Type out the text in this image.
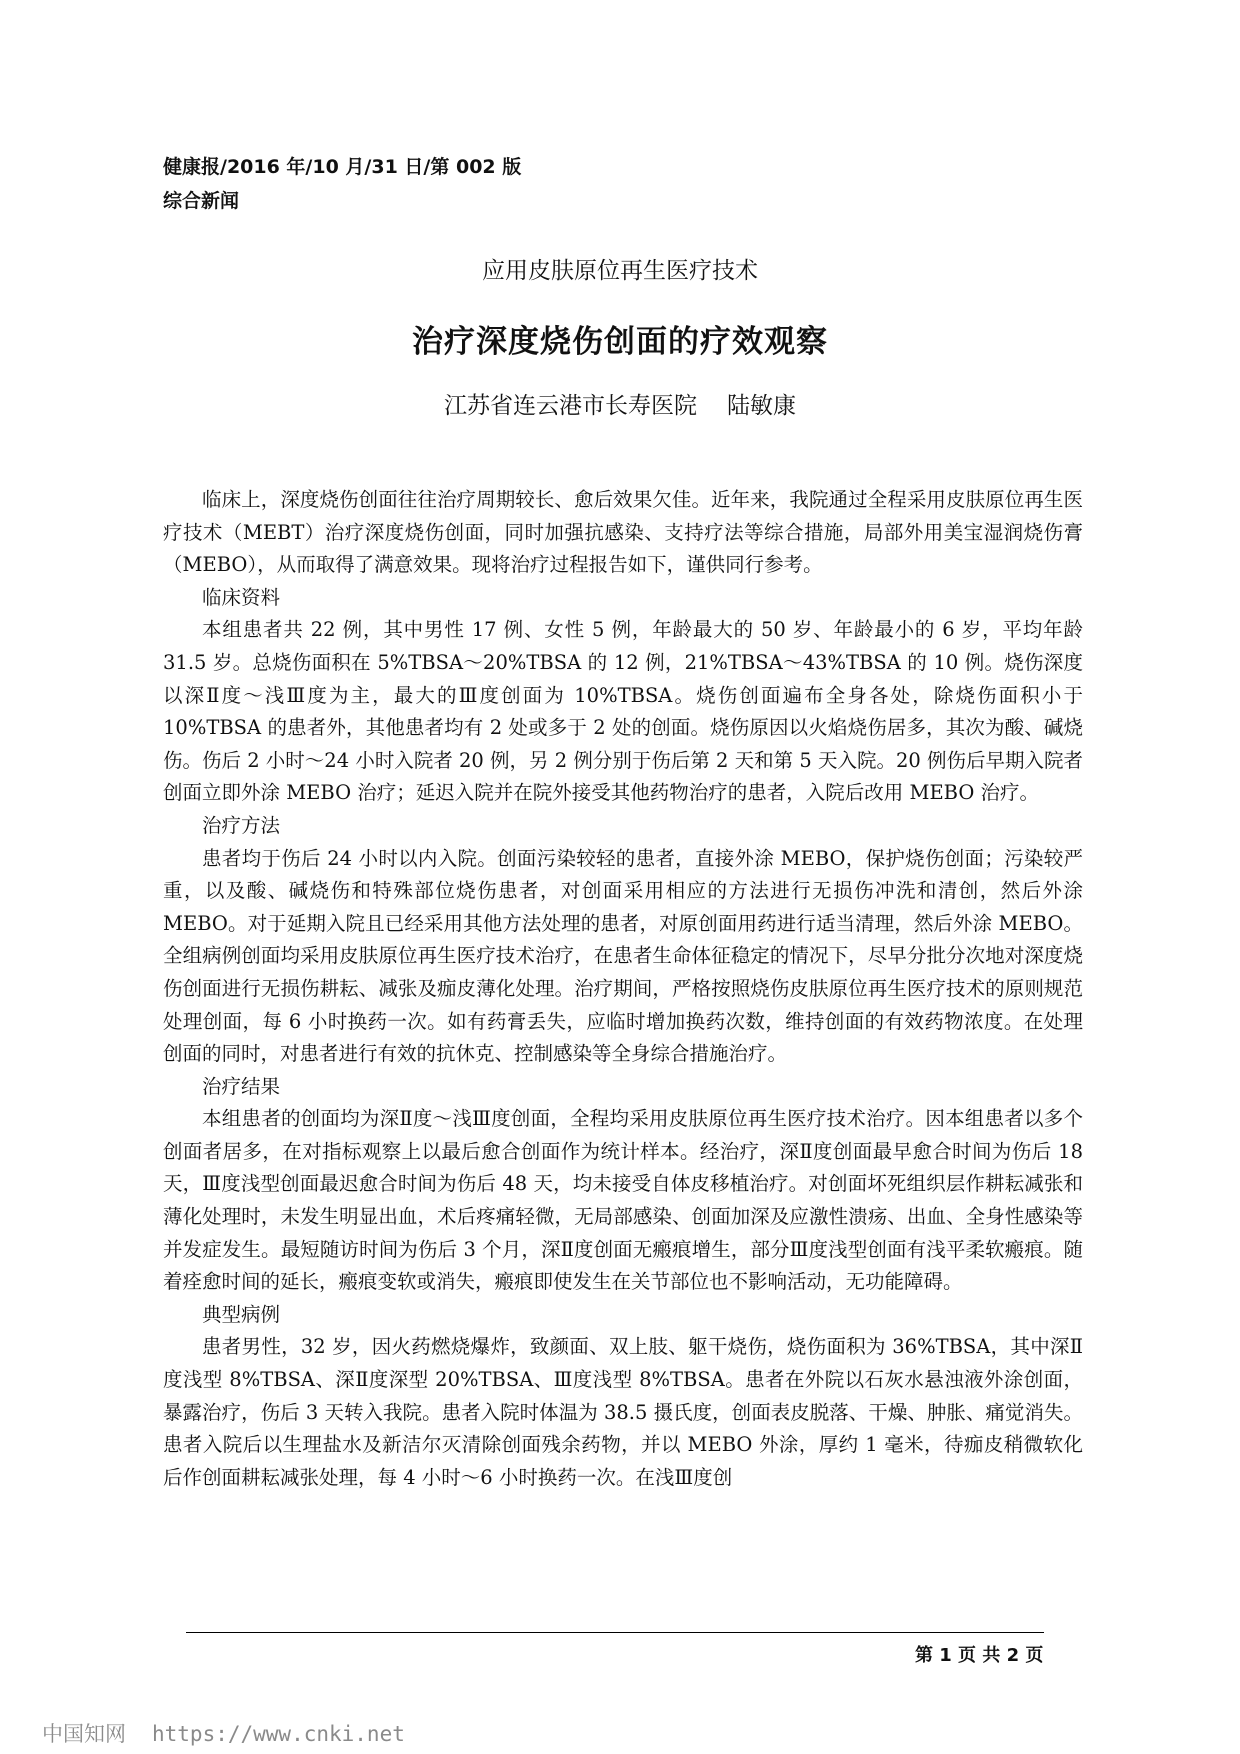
健康报/2016 年/10 月/31 日/第 002 版
综合新闻
应用皮肤原位再生医疗技术
治疗深度烧伤创面的疗效观察
江苏省连云港市长寿医院 陆敏康

临床上，深度烧伤创面往往治疗周期较长、愈后效果欠佳。近年来，我院通过全程采用皮肤原位再生医疗技术（MEBT）治疗深度烧伤创面，同时加强抗感染、支持疗法等综合措施，局部外用美宝湿润烧伤膏（MEBO），从而取得了满意效果。现将治疗过程报告如下，谨供同行参考。

临床资料

本组患者共 22 例，其中男性 17 例、女性 5 例，年龄最大的 50 岁、年龄最小的 6 岁，平均年龄 31.5 岁。总烧伤面积在 5%TBSA～20%TBSA 的 12 例，21%TBSA～43%TBSA 的 10 例。烧伤深度以深Ⅱ度～浅Ⅲ度为主，最大的Ⅲ度创面为 10%TBSA。烧伤创面遍布全身各处，除烧伤面积小于 10%TBSA 的患者外，其他患者均有 2 处或多于 2 处的创面。烧伤原因以火焰烧伤居多，其次为酸、碱烧伤。伤后 2 小时～24 小时入院者 20 例，另 2 例分别于伤后第 2 天和第 5 天入院。20 例伤后早期入院者创面立即外涂 MEBO 治疗；延迟入院并在院外接受其他药物治疗的患者，入院后改用 MEBO 治疗。

治疗方法

患者均于伤后 24 小时以内入院。创面污染较轻的患者，直接外涂 MEBO，保护烧伤创面；污染较严重，以及酸、碱烧伤和特殊部位烧伤患者，对创面采用相应的方法进行无损伤冲洗和清创，然后外涂 MEBO。对于延期入院且已经采用其他方法处理的患者，对原创面用药进行适当清理，然后外涂 MEBO。全组病例创面均采用皮肤原位再生医疗技术治疗，在患者生命体征稳定的情况下，尽早分批分次地对深度烧伤创面进行无损伤耕耘、减张及痂皮薄化处理。治疗期间，严格按照烧伤皮肤原位再生医疗技术的原则规范处理创面，每 6 小时换药一次。如有药膏丢失，应临时增加换药次数，维持创面的有效药物浓度。在处理创面的同时，对患者进行有效的抗休克、控制感染等全身综合措施治疗。

治疗结果

本组患者的创面均为深Ⅱ度～浅Ⅲ度创面，全程均采用皮肤原位再生医疗技术治疗。因本组患者以多个创面者居多，在对指标观察上以最后愈合创面作为统计样本。经治疗，深Ⅱ度创面最早愈合时间为伤后 18 天，Ⅲ度浅型创面最迟愈合时间为伤后 48 天，均未接受自体皮移植治疗。对创面坏死组织层作耕耘减张和薄化处理时，未发生明显出血，术后疼痛轻微，无局部感染、创面加深及应激性溃疡、出血、全身性感染等并发症发生。最短随访时间为伤后 3 个月，深Ⅱ度创面无瘢痕增生，部分Ⅲ度浅型创面有浅平柔软瘢痕。随着痊愈时间的延长，瘢痕变软或消失，瘢痕即使发生在关节部位也不影响活动，无功能障碍。

典型病例

患者男性，32 岁，因火药燃烧爆炸，致颜面、双上肢、躯干烧伤，烧伤面积为 36%TBSA，其中深Ⅱ度浅型 8%TBSA、深Ⅱ度深型 20%TBSA、Ⅲ度浅型 8%TBSA。患者在外院以石灰水悬浊液外涂创面，暴露治疗，伤后 3 天转入我院。患者入院时体温为 38.5 摄氏度，创面表皮脱落、干燥、肿胀、痛觉消失。患者入院后以生理盐水及新洁尔灭清除创面残余药物，并以 MEBO 外涂，厚约 1 毫米，待痂皮稍微软化后作创面耕耘减张处理，每 4 小时～6 小时换药一次。在浅Ⅲ度创

第 1 页 共 2 页
中国知网 https://www.cnki.net
